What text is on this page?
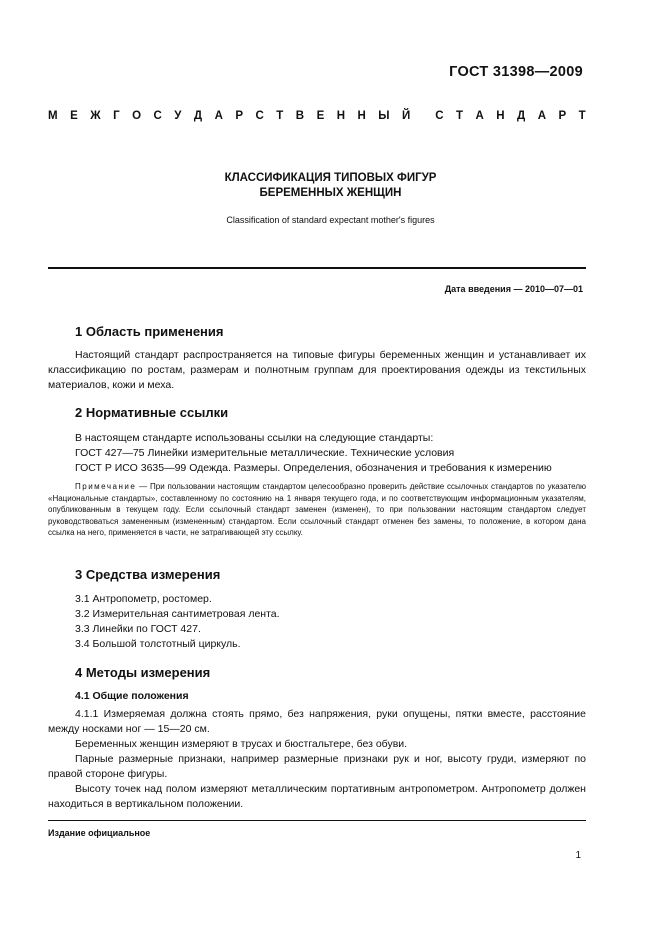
ГОСТ 31398—2009
М Е Ж Г О С У Д А Р С Т В Е Н Н Ы Й С Т А Н Д А Р Т
КЛАССИФИКАЦИЯ ТИПОВЫХ ФИГУР
БЕРЕМЕННЫХ ЖЕНЩИН
Classification of standard expectant mother's figures
Дата введения — 2010—07—01
1 Область применения
Настоящий стандарт распространяется на типовые фигуры беременных женщин и устанавливает их классификацию по ростам, размерам и полнотным группам для проектирования одежды из текстильных материалов, кожи и меха.
2 Нормативные ссылки
В настоящем стандарте использованы ссылки на следующие стандарты:
ГОСТ 427—75 Линейки измерительные металлические. Технические условия
ГОСТ Р ИСО 3635—99 Одежда. Размеры. Определения, обозначения и требования к измерению
Примечание — При пользовании настоящим стандартом целесообразно проверить действие ссылочных стандартов по указателю «Национальные стандарты», составленному по состоянию на 1 января текущего года, и по соответствующим информационным указателям, опубликованным в текущем году. Если ссылочный стандарт заменен (изменен), то при пользовании настоящим стандартом следует руководствоваться замененным (измененным) стандартом. Если ссылочный стандарт отменен без замены, то положение, в котором дана ссылка на него, применяется в части, не затрагивающей эту ссылку.
3 Средства измерения
3.1 Антропометр, ростомер.
3.2 Измерительная сантиметровая лента.
3.3 Линейки по ГОСТ 427.
3.4 Большой толстотный циркуль.
4 Методы измерения
4.1 Общие положения
4.1.1 Измеряемая должна стоять прямо, без напряжения, руки опущены, пятки вместе, расстояние между носками ног — 15—20 см.
Беременных женщин измеряют в трусах и бюстгальтере, без обуви.
Парные размерные признаки, например размерные признаки рук и ног, высоту груди, измеряют по правой стороне фигуры.
Высоту точек над полом измеряют металлическим портативным антропометром. Антропометр должен находиться в вертикальном положении.
Издание официальное
1
